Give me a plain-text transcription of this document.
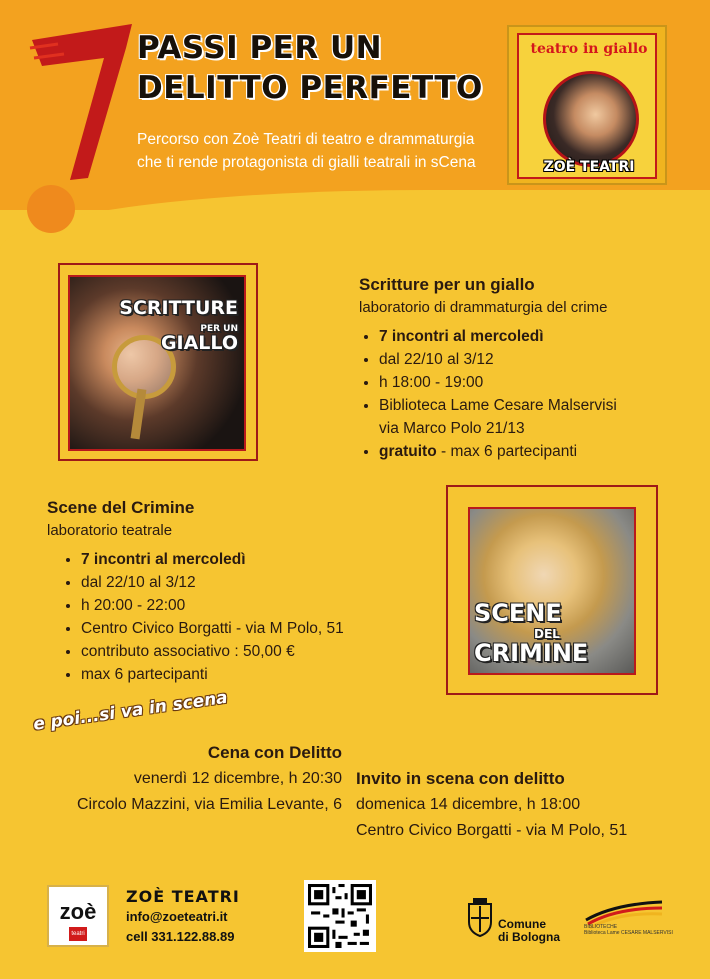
PASSI PER UN
DELITTO PERFETTO
Percorso con Zoè Teatri di teatro e drammaturgia
che ti rende protagonista di gialli teatrali in sCena
teatro in giallo
ZOÈ TEATRI
SCRITTURE
PER UN
GIALLO
Scritture per un giallo
laboratorio di drammaturgia del crime
• 7 incontri al mercoledì
• dal 22/10 al 3/12
• h 18:00 - 19:00
• Biblioteca Lame Cesare Malservisi
via Marco Polo 21/13
• gratuito - max 6 partecipanti
Scene del Crimine
laboratorio teatrale
• 7 incontri al mercoledì
• dal 22/10 al 3/12
• h 20:00 - 22:00
• Centro Civico Borgatti - via M Polo, 51
• contributo associativo : 50,00 €
• max 6 partecipanti
SCENE
DEL
CRIMINE
e poi...si va in scena
Cena con Delitto
venerdì 12 dicembre, h 20:30
Circolo Mazzini, via Emilia Levante, 6
Invito in scena con delitto
domenica 14 dicembre, h 18:00
Centro Civico Borgatti - via M Polo, 51
zoè
teatri
ZOÈ TEATRI
info@zoeteatri.it
cell 331.122.88.89
Comune
di Bologna
BIBLIOTECHE
Biblioteca Lame CESARE MALSERVISI
